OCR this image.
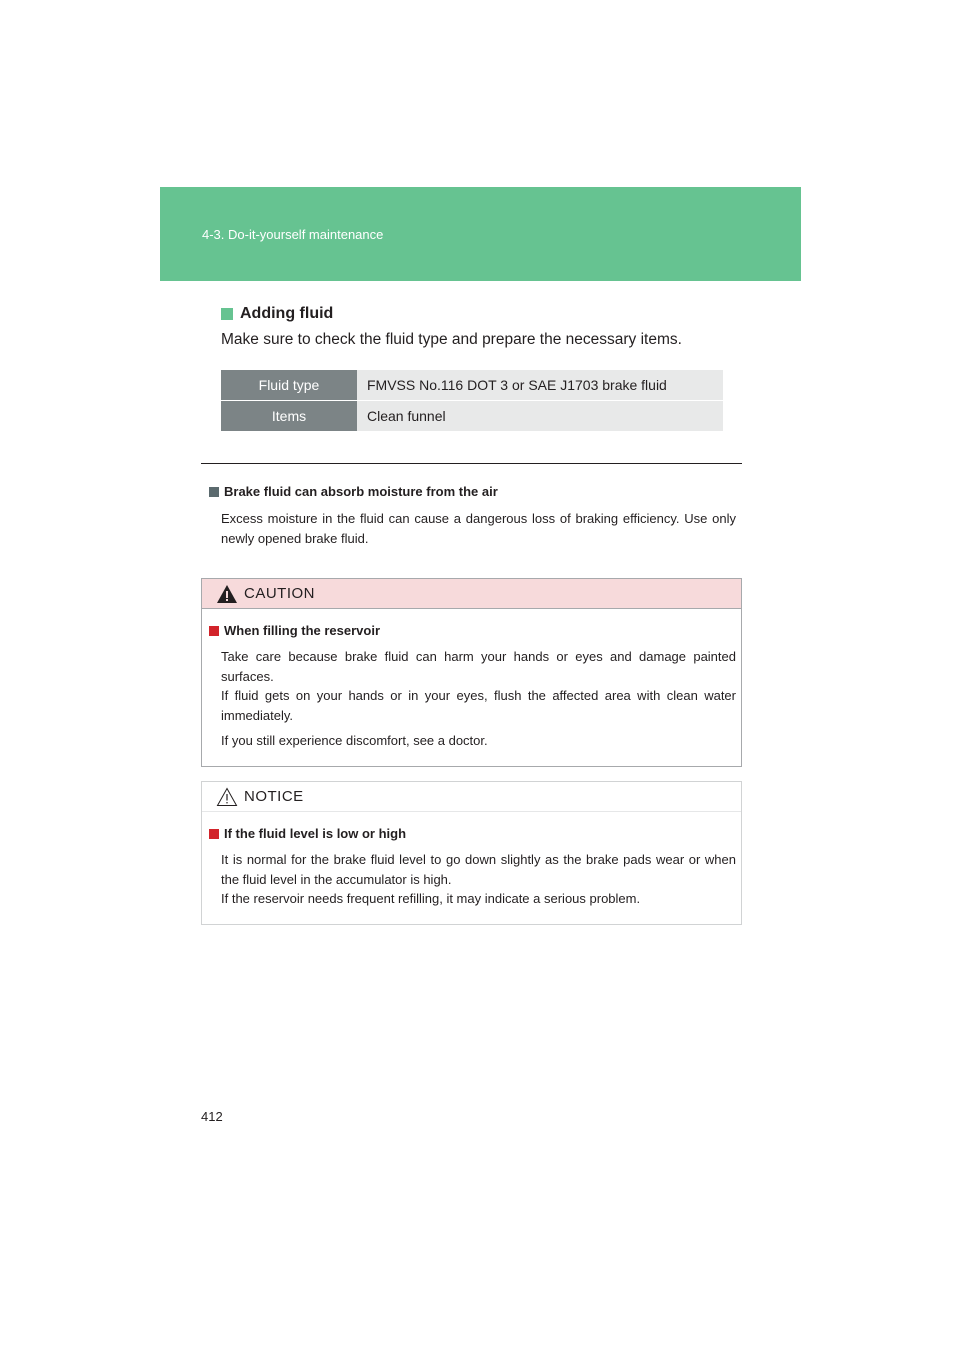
4-3. Do-it-yourself maintenance
Adding fluid
Make sure to check the fluid type and prepare the necessary items.
Fluid type	FMVSS No.116 DOT 3 or SAE J1703 brake fluid
Items	Clean funnel
Brake fluid can absorb moisture from the air
Excess moisture in the fluid can cause a dangerous loss of braking efficiency. Use only newly opened brake fluid.
CAUTION
When filling the reservoir

Take care because brake fluid can harm your hands or eyes and damage painted surfaces.

If fluid gets on your hands or in your eyes, flush the affected area with clean water immediately.

If you still experience discomfort, see a doctor.

NOTICE
If the fluid level is low or high

It is normal for the brake fluid level to go down slightly as the brake pads wear or when the fluid level in the accumulator is high.

If the reservoir needs frequent refilling, it may indicate a serious problem.

412
